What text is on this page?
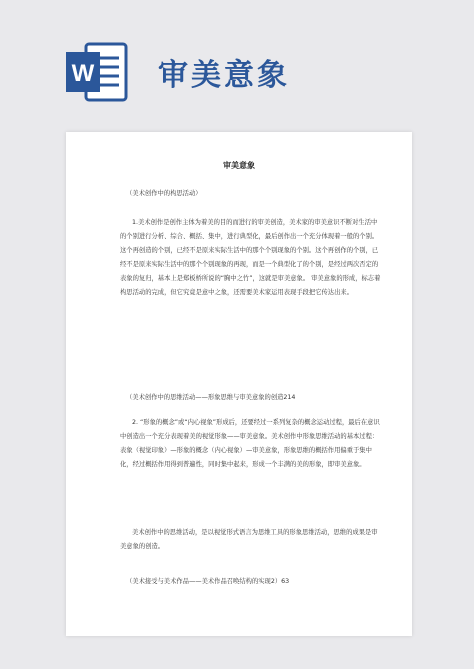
W 审美意象
审美意象
（美术创作中的构思活动）
1.美术创作是创作主体为着美的目的而进行的审美创造，美术家的审美意识不断对生活中的个别进行分析、综合、概括、集中，进行典型化，最后创作出一个充分体现着一般的个别。这个再创造的个别，已经不是原来实际生活中的那个个别现象的个别。这个再创作的个别，已经不是原来实际生活中的那个个别现象的再现，而是一个典型化了的个别，是经过两次否定的表象的复归，基本上是郑板桥所说的“胸中之竹”，这就是审美意象。 审美意象的形成，标志着构思活动的完成，但它究竟是意中之象，还需要美术家运用表现手段把它传达出来。
（美术创作中的思维活动——形象思维与审美意象的创造214
2. “形象的概念”或“内心视象”形成后，还要经过一系列复杂的概念运动过程，最后在意识中创造出一个充分表现着美的视觉形象——审美意象。美术创作中形象思维活动的基本过程：表象（视觉印象）—形象的概念（内心视象）—审美意象，形象思维的概括作用偏重于集中化，经过概括作用得到普遍性，同时集中起来，形成一个丰满的美的形象，即审美意象。
美术创作中的思维活动，是以视觉形式语言为思维工具的形象思维活动，思维的成果是审美意象的创造。
（美术接受与美术作品——美术作品召唤结构的实现2）63
